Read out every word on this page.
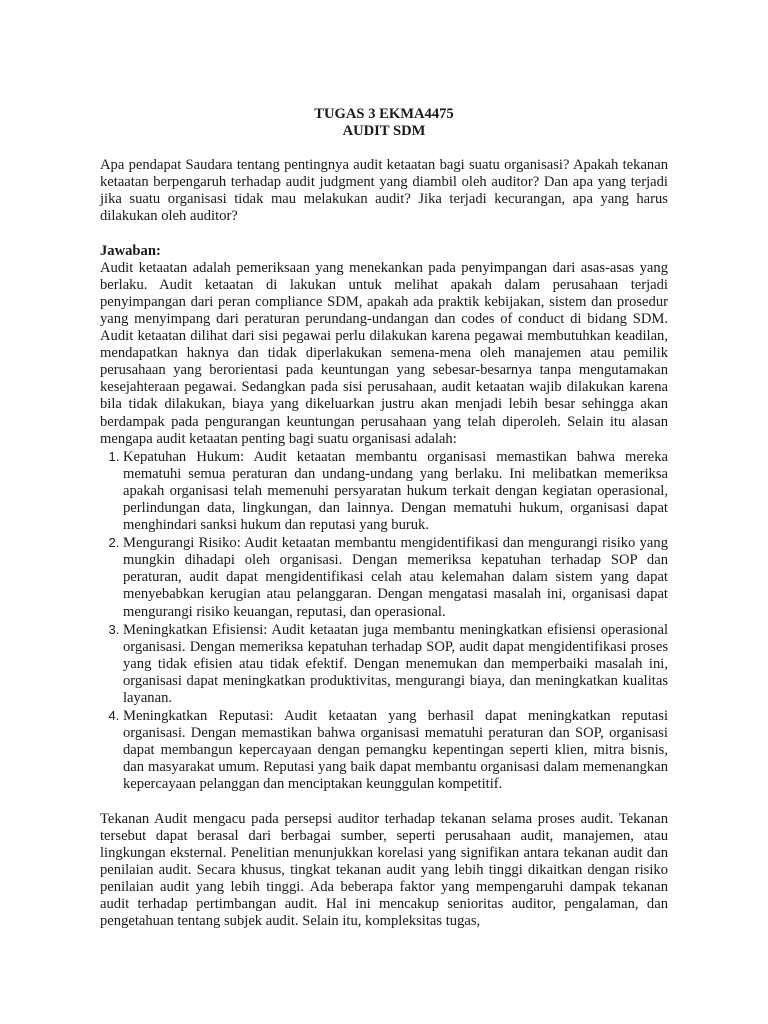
TUGAS 3 EKMA4475
AUDIT SDM

Apa pendapat Saudara tentang pentingnya audit ketaatan bagi suatu organisasi? Apakah tekanan ketaatan berpengaruh terhadap audit judgment yang diambil oleh auditor? Dan apa yang terjadi jika suatu organisasi tidak mau melakukan audit? Jika terjadi kecurangan, apa yang harus dilakukan oleh auditor?

Jawaban:

Audit ketaatan adalah pemeriksaan yang menekankan pada penyimpangan dari asas-asas yang berlaku. Audit ketaatan di lakukan untuk melihat apakah dalam perusahaan terjadi penyimpangan dari peran compliance SDM, apakah ada praktik kebijakan, sistem dan prosedur yang menyimpang dari peraturan perundang-undangan dan codes of conduct di bidang SDM. Audit ketaatan dilihat dari sisi pegawai perlu dilakukan karena pegawai membutuhkan keadilan, mendapatkan haknya dan tidak diperlakukan semena-mena oleh manajemen atau pemilik perusahaan yang berorientasi pada keuntungan yang sebesar-besarnya tanpa mengutamakan kesejahteraan pegawai. Sedangkan pada sisi perusahaan, audit ketaatan wajib dilakukan karena bila tidak dilakukan, biaya yang dikeluarkan justru akan menjadi lebih besar sehingga akan berdampak pada pengurangan keuntungan perusahaan yang telah diperoleh. Selain itu alasan mengapa audit ketaatan penting bagi suatu organisasi adalah:

1. Kepatuhan Hukum: Audit ketaatan membantu organisasi memastikan bahwa mereka mematuhi semua peraturan dan undang-undang yang berlaku. Ini melibatkan memeriksa apakah organisasi telah memenuhi persyaratan hukum terkait dengan kegiatan operasional, perlindungan data, lingkungan, dan lainnya. Dengan mematuhi hukum, organisasi dapat menghindari sanksi hukum dan reputasi yang buruk.
2. Mengurangi Risiko: Audit ketaatan membantu mengidentifikasi dan mengurangi risiko yang mungkin dihadapi oleh organisasi. Dengan memeriksa kepatuhan terhadap SOP dan peraturan, audit dapat mengidentifikasi celah atau kelemahan dalam sistem yang dapat menyebabkan kerugian atau pelanggaran. Dengan mengatasi masalah ini, organisasi dapat mengurangi risiko keuangan, reputasi, dan operasional.
3. Meningkatkan Efisiensi: Audit ketaatan juga membantu meningkatkan efisiensi operasional organisasi. Dengan memeriksa kepatuhan terhadap SOP, audit dapat mengidentifikasi proses yang tidak efisien atau tidak efektif. Dengan menemukan dan memperbaiki masalah ini, organisasi dapat meningkatkan produktivitas, mengurangi biaya, dan meningkatkan kualitas layanan.
4. Meningkatkan Reputasi: Audit ketaatan yang berhasil dapat meningkatkan reputasi organisasi. Dengan memastikan bahwa organisasi mematuhi peraturan dan SOP, organisasi dapat membangun kepercayaan dengan pemangku kepentingan seperti klien, mitra bisnis, dan masyarakat umum. Reputasi yang baik dapat membantu organisasi dalam memenangkan kepercayaan pelanggan dan menciptakan keunggulan kompetitif.

Tekanan Audit mengacu pada persepsi auditor terhadap tekanan selama proses audit. Tekanan tersebut dapat berasal dari berbagai sumber, seperti perusahaan audit, manajemen, atau lingkungan eksternal. Penelitian menunjukkan korelasi yang signifikan antara tekanan audit dan penilaian audit. Secara khusus, tingkat tekanan audit yang lebih tinggi dikaitkan dengan risiko penilaian audit yang lebih tinggi. Ada beberapa faktor yang mempengaruhi dampak tekanan audit terhadap pertimbangan audit. Hal ini mencakup senioritas auditor, pengalaman, dan pengetahuan tentang subjek audit. Selain itu, kompleksitas tugas,
